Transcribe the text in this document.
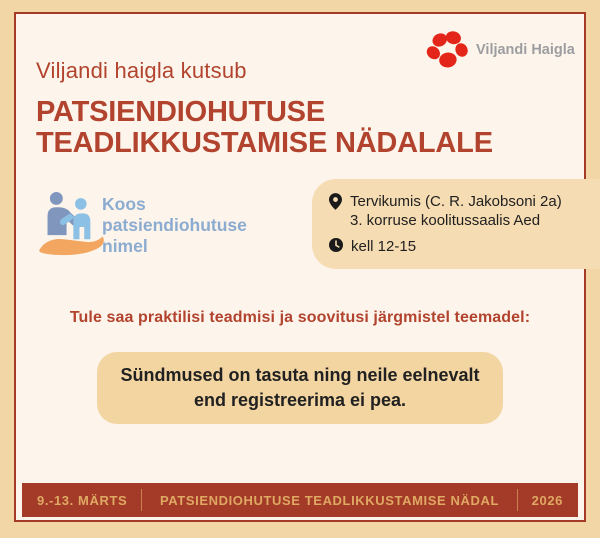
Viljandi haigla kutsub
Viljandi Haigla
PATSIENDIOHUTUSE
TEADLIKKUSTAMISE NÄDALALE
Koos
patsiendiohutuse
nimel
Tervikumis (C. R. Jakobsoni 2a)
3. korruse koolitussaalis Aed
kell 12-15
Tule saa praktilisi teadmisi ja soovitusi järgmistel teemadel:
Sündmused on tasuta ning neile eelnevalt
end registreerima ei pea.
9.-13. MÄRTS	PATSIENDIOHUTUSE TEADLIKKUSTAMISE NÄDAL	2026
